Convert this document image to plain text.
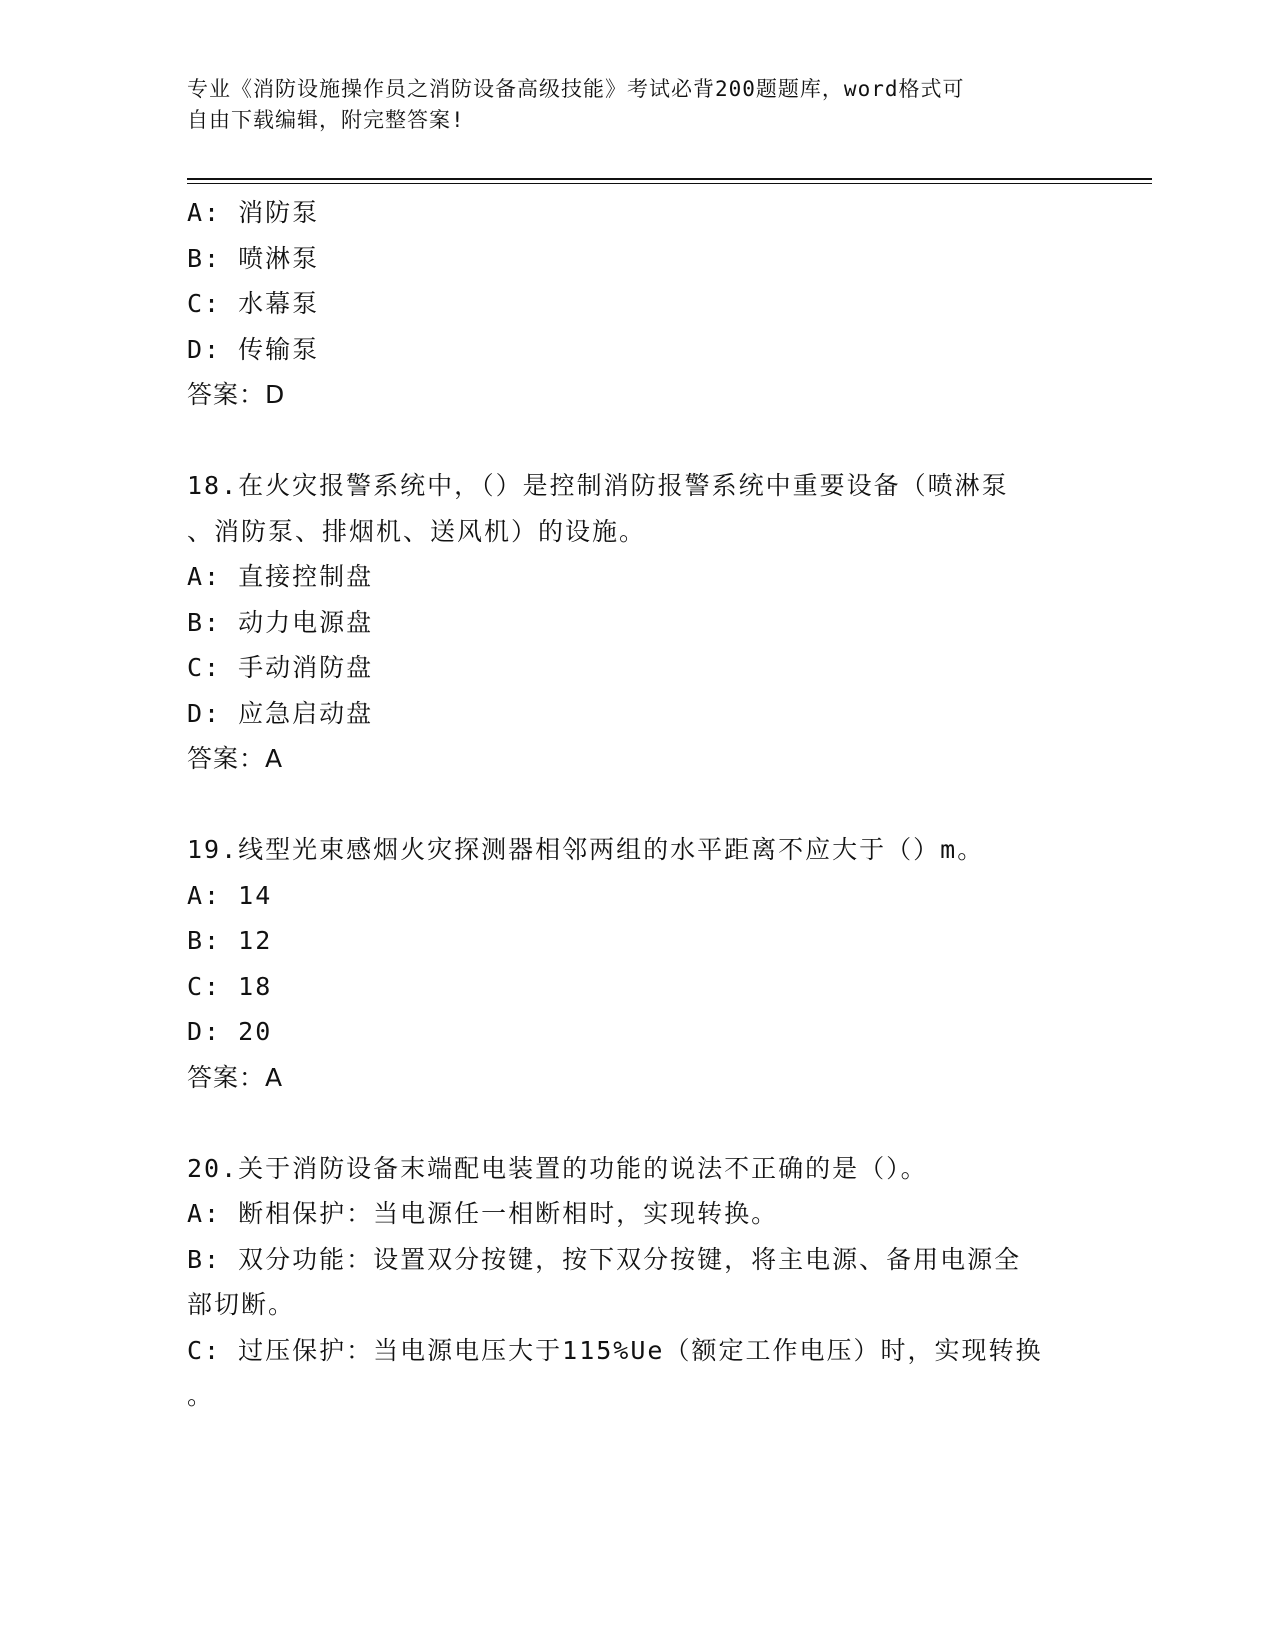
专业《消防设施操作员之消防设备高级技能》考试必背200题题库，word格式可
自由下载编辑，附完整答案!
A: 消防泵
B: 喷淋泵
C: 水幕泵
D: 传输泵
答案：D
18.在火灾报警系统中，（）是控制消防报警系统中重要设备（喷淋泵
、消防泵、排烟机、送风机）的设施。
A: 直接控制盘
B: 动力电源盘
C: 手动消防盘
D: 应急启动盘
答案：A
19.线型光束感烟火灾探测器相邻两组的水平距离不应大于（）m。
A: 14
B: 12
C: 18
D: 20
答案：A
20.关于消防设备末端配电装置的功能的说法不正确的是（）。
A: 断相保护：当电源任一相断相时，实现转换。
B: 双分功能：设置双分按键，按下双分按键，将主电源、备用电源全
部切断。
C: 过压保护：当电源电压大于115%Ue（额定工作电压）时，实现转换
。
